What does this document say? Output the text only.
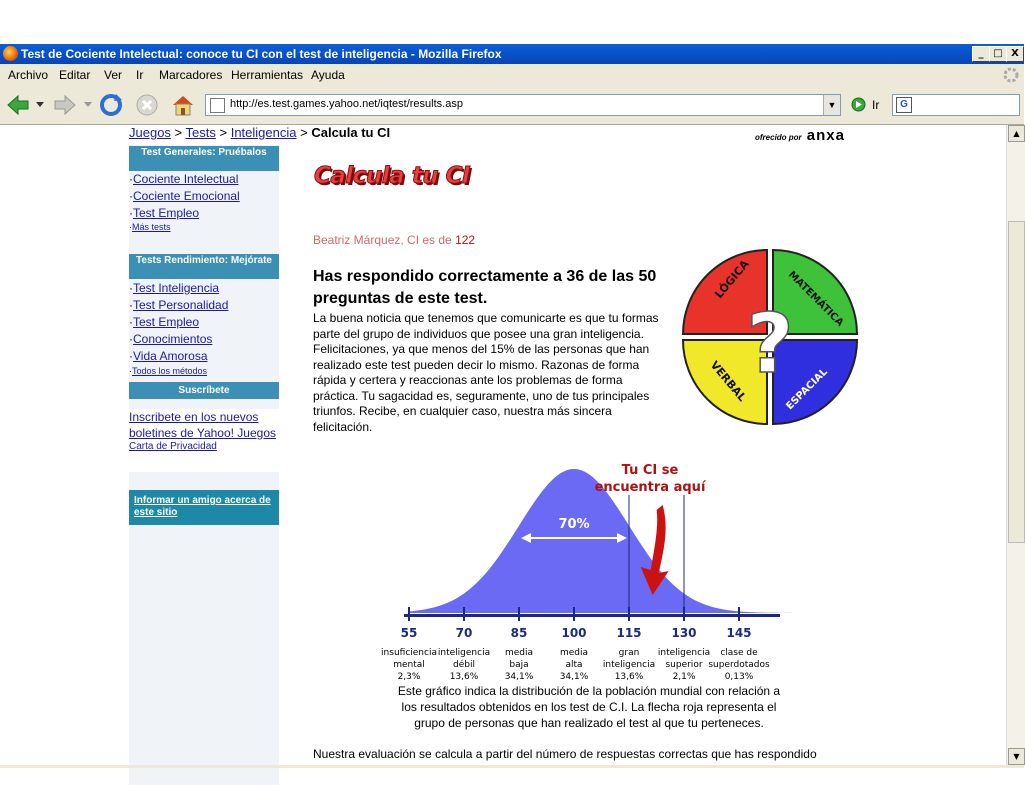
Test de Cociente Intelectual: conoce tu CI con el test de inteligencia - Mozilla Firefox	_ □ X
Archivo Editar Ver Ir Marcadores Herramientas Ayuda
http://es.test.games.yahoo.net/iqtest/results.asp	▼	Ir	G
Juegos > Tests > Inteligencia > Calcula tu CI	ofrecido por anxa
Test Generales: Pruébalos
·Cociente Intelectual
·Cociente Emocional
·Test Empleo
·Más tests
Tests Rendimiento: Mejórate
·Test Inteligencia
·Test Personalidad
·Test Empleo
·Conocimientos
·Vida Amorosa
·Todos los métodos
Suscríbete
Inscribete en los nuevos boletines de Yahoo! Juegos
Carta de Privacidad
Informar un amigo acerca de este sitio
Calcula tu CI
Beatriz Márquez, CI es de 122
Has respondido correctamente a 36 de las 50 preguntas de este test.
La buena noticia que tenemos que comunicarte es que tu formas parte del grupo de individuos que posee una gran inteligencia. Felicitaciones, ya que menos del 15% de las personas que han realizado este test pueden decir lo mismo. Razonas de forma rápida y certera y reaccionas ante los problemas de forma práctica. Tu sagacidad es, seguramente, uno de tus principales triunfos. Recibe, en cualquier caso, nuestra más sincera felicitación.
LÓGICA	MATEMÁTICA
VERBAL	ESPACIAL
?
55	70	85	100 115 130 145
70%
Tu CI se
encuentra aquí
insuficiencia
mental
2,3%
inteligencia
débil
13,6%
media
baja
34,1%
media
alta
34,1%
gran
inteligencia
13,6%
inteligencia
superior
2,1%
clase de
superdotados
0,13%
Este gráfico indica la distribución de la población mundial con relación a los resultados obtenidos en los test de C.I. La flecha roja representa el grupo de personas que han realizado el test al que tu perteneces.
Nuestra evaluación se calcula a partir del número de respuestas correctas que has respondido
▲
▼
